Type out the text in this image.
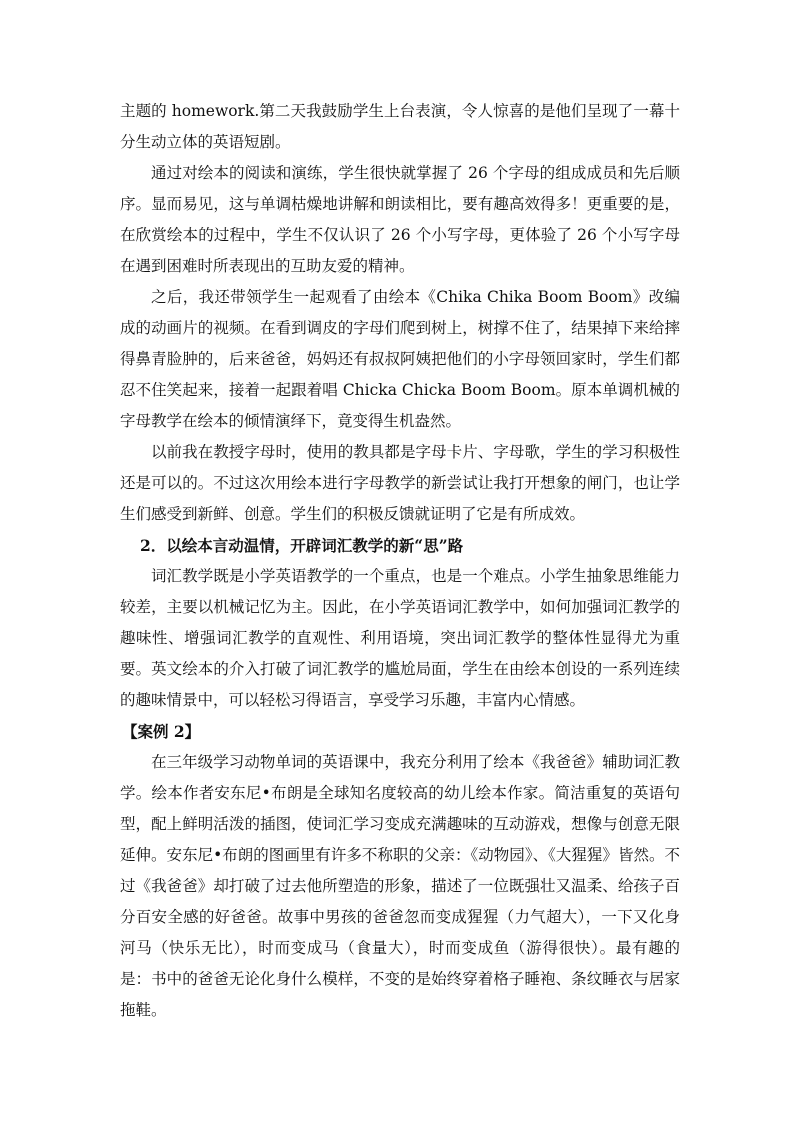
主题的 homework.第二天我鼓励学生上台表演，令人惊喜的是他们呈现了一幕十分生动立体的英语短剧。

通过对绘本的阅读和演练，学生很快就掌握了 26 个字母的组成成员和先后顺序。显而易见，这与单调枯燥地讲解和朗读相比，要有趣高效得多！更重要的是，在欣赏绘本的过程中，学生不仅认识了 26 个小写字母，更体验了 26 个小写字母在遇到困难时所表现出的互助友爱的精神。

之后，我还带领学生一起观看了由绘本《Chika Chika Boom Boom》改编成的动画片的视频。在看到调皮的字母们爬到树上，树撑不住了，结果掉下来给摔得鼻青脸肿的，后来爸爸，妈妈还有叔叔阿姨把他们的小字母领回家时，学生们都忍不住笑起来，接着一起跟着唱 Chicka Chicka Boom Boom。原本单调机械的字母教学在绘本的倾情演绎下，竟变得生机盎然。

以前我在教授字母时，使用的教具都是字母卡片、字母歌，学生的学习积极性还是可以的。不过这次用绘本进行字母教学的新尝试让我打开想象的闸门，也让学生们感受到新鲜、创意。学生们的积极反馈就证明了它是有所成效。

2．以绘本言动温情，开辟词汇教学的新“思”路

词汇教学既是小学英语教学的一个重点，也是一个难点。小学生抽象思维能力较差，主要以机械记忆为主。因此，在小学英语词汇教学中，如何加强词汇教学的趣味性、增强词汇教学的直观性、利用语境，突出词汇教学的整体性显得尤为重要。英文绘本的介入打破了词汇教学的尴尬局面，学生在由绘本创设的一系列连续的趣味情景中，可以轻松习得语言，享受学习乐趣，丰富内心情感。

【案例 2】

在三年级学习动物单词的英语课中，我充分利用了绘本《我爸爸》辅助词汇教学。绘本作者安东尼•布朗是全球知名度较高的幼儿绘本作家。简洁重复的英语句型，配上鲜明活泼的插图，使词汇学习变成充满趣味的互动游戏，想像与创意无限延伸。安东尼•布朗的图画里有许多不称职的父亲：《动物园》、《大猩猩》皆然。不过《我爸爸》却打破了过去他所塑造的形象，描述了一位既强壮又温柔、给孩子百分百安全感的好爸爸。故事中男孩的爸爸忽而变成猩猩（力气超大），一下又化身河马（快乐无比），时而变成马（食量大），时而变成鱼（游得很快）。最有趣的是：书中的爸爸无论化身什么模样，不变的是始终穿着格子睡袍、条纹睡衣与居家拖鞋。
